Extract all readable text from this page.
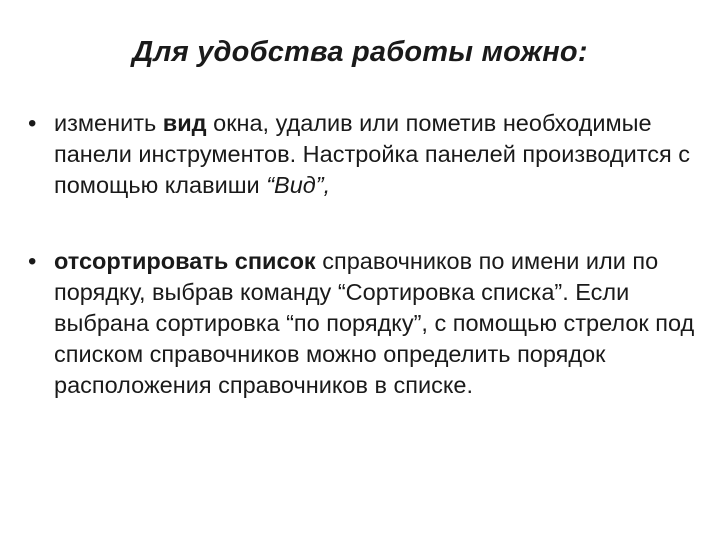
Для удобства работы можно:
• изменить вид окна, удалив или пометив необходимые панели инструментов. Настройка панелей производится с помощью клавиши “Вид”,
• отсортировать список справочников по имени или по порядку, выбрав команду “Сортировка списка”. Если выбрана сортировка “по порядку”, с помощью стрелок под списком справочников можно определить порядок расположения справочников в списке.
